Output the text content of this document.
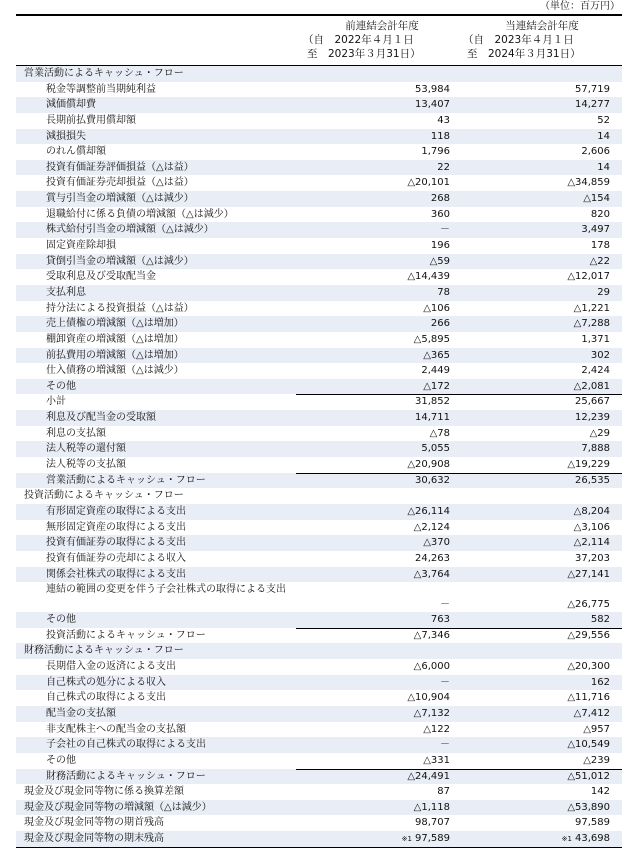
（単位：百万円）
前連結会計年度
（自　2022年４月１日
至　2023年３月31日）
当連結会計年度
（自　2023年４月１日
至　2024年３月31日）
営業活動によるキャッシュ・フロー
税金等調整前当期純利益	53,984	57,719
減価償却費	13,407	14,277
長期前払費用償却額	43	52
減損損失	118	14
のれん償却額	1,796	2,606
投資有価証券評価損益（△は益）	22	14
投資有価証券売却損益（△は益）	△20,101	△34,859
賞与引当金の増減額（△は減少）	268	△154
退職給付に係る負債の増減額（△は減少）	360	820
株式給付引当金の増減額（△は減少）	－	3,497
固定資産除却損	196	178
貸倒引当金の増減額（△は減少）	△59	△22
受取利息及び受取配当金	△14,439	△12,017
支払利息	78	29
持分法による投資損益（△は益）	△106	△1,221
売上債権の増減額（△は増加）	266	△7,288
棚卸資産の増減額（△は増加）	△5,895	1,371
前払費用の増減額（△は増加）	△365	302
仕入債務の増減額（△は減少）	2,449	2,424
その他	△172	△2,081
小計	31,852	25,667
利息及び配当金の受取額	14,711	12,239
利息の支払額	△78	△29
法人税等の還付額	5,055	7,888
法人税等の支払額	△20,908	△19,229
営業活動によるキャッシュ・フロー	30,632	26,535
投資活動によるキャッシュ・フロー
有形固定資産の取得による支出	△26,114	△8,204
無形固定資産の取得による支出	△2,124	△3,106
投資有価証券の取得による支出	△370	△2,114
投資有価証券の売却による収入	24,263	37,203
関係会社株式の取得による支出	△3,764	△27,141
連結の範囲の変更を伴う子会社株式の取得による支出
－	△26,775
その他	763	582
投資活動によるキャッシュ・フロー	△7,346	△29,556
財務活動によるキャッシュ・フロー
長期借入金の返済による支出	△6,000	△20,300
自己株式の処分による収入	－	162
自己株式の取得による支出	△10,904	△11,716
配当金の支払額	△7,132	△7,412
非支配株主への配当金の支払額	△122	△957
子会社の自己株式の取得による支出	－	△10,549
その他	△331	△239
財務活動によるキャッシュ・フロー	△24,491	△51,012
現金及び現金同等物に係る換算差額	87	142
現金及び現金同等物の増減額（△は減少）	△1,118	△53,890
現金及び現金同等物の期首残高	98,707	97,589
現金及び現金同等物の期末残高	※1 97,589	※1 43,698
